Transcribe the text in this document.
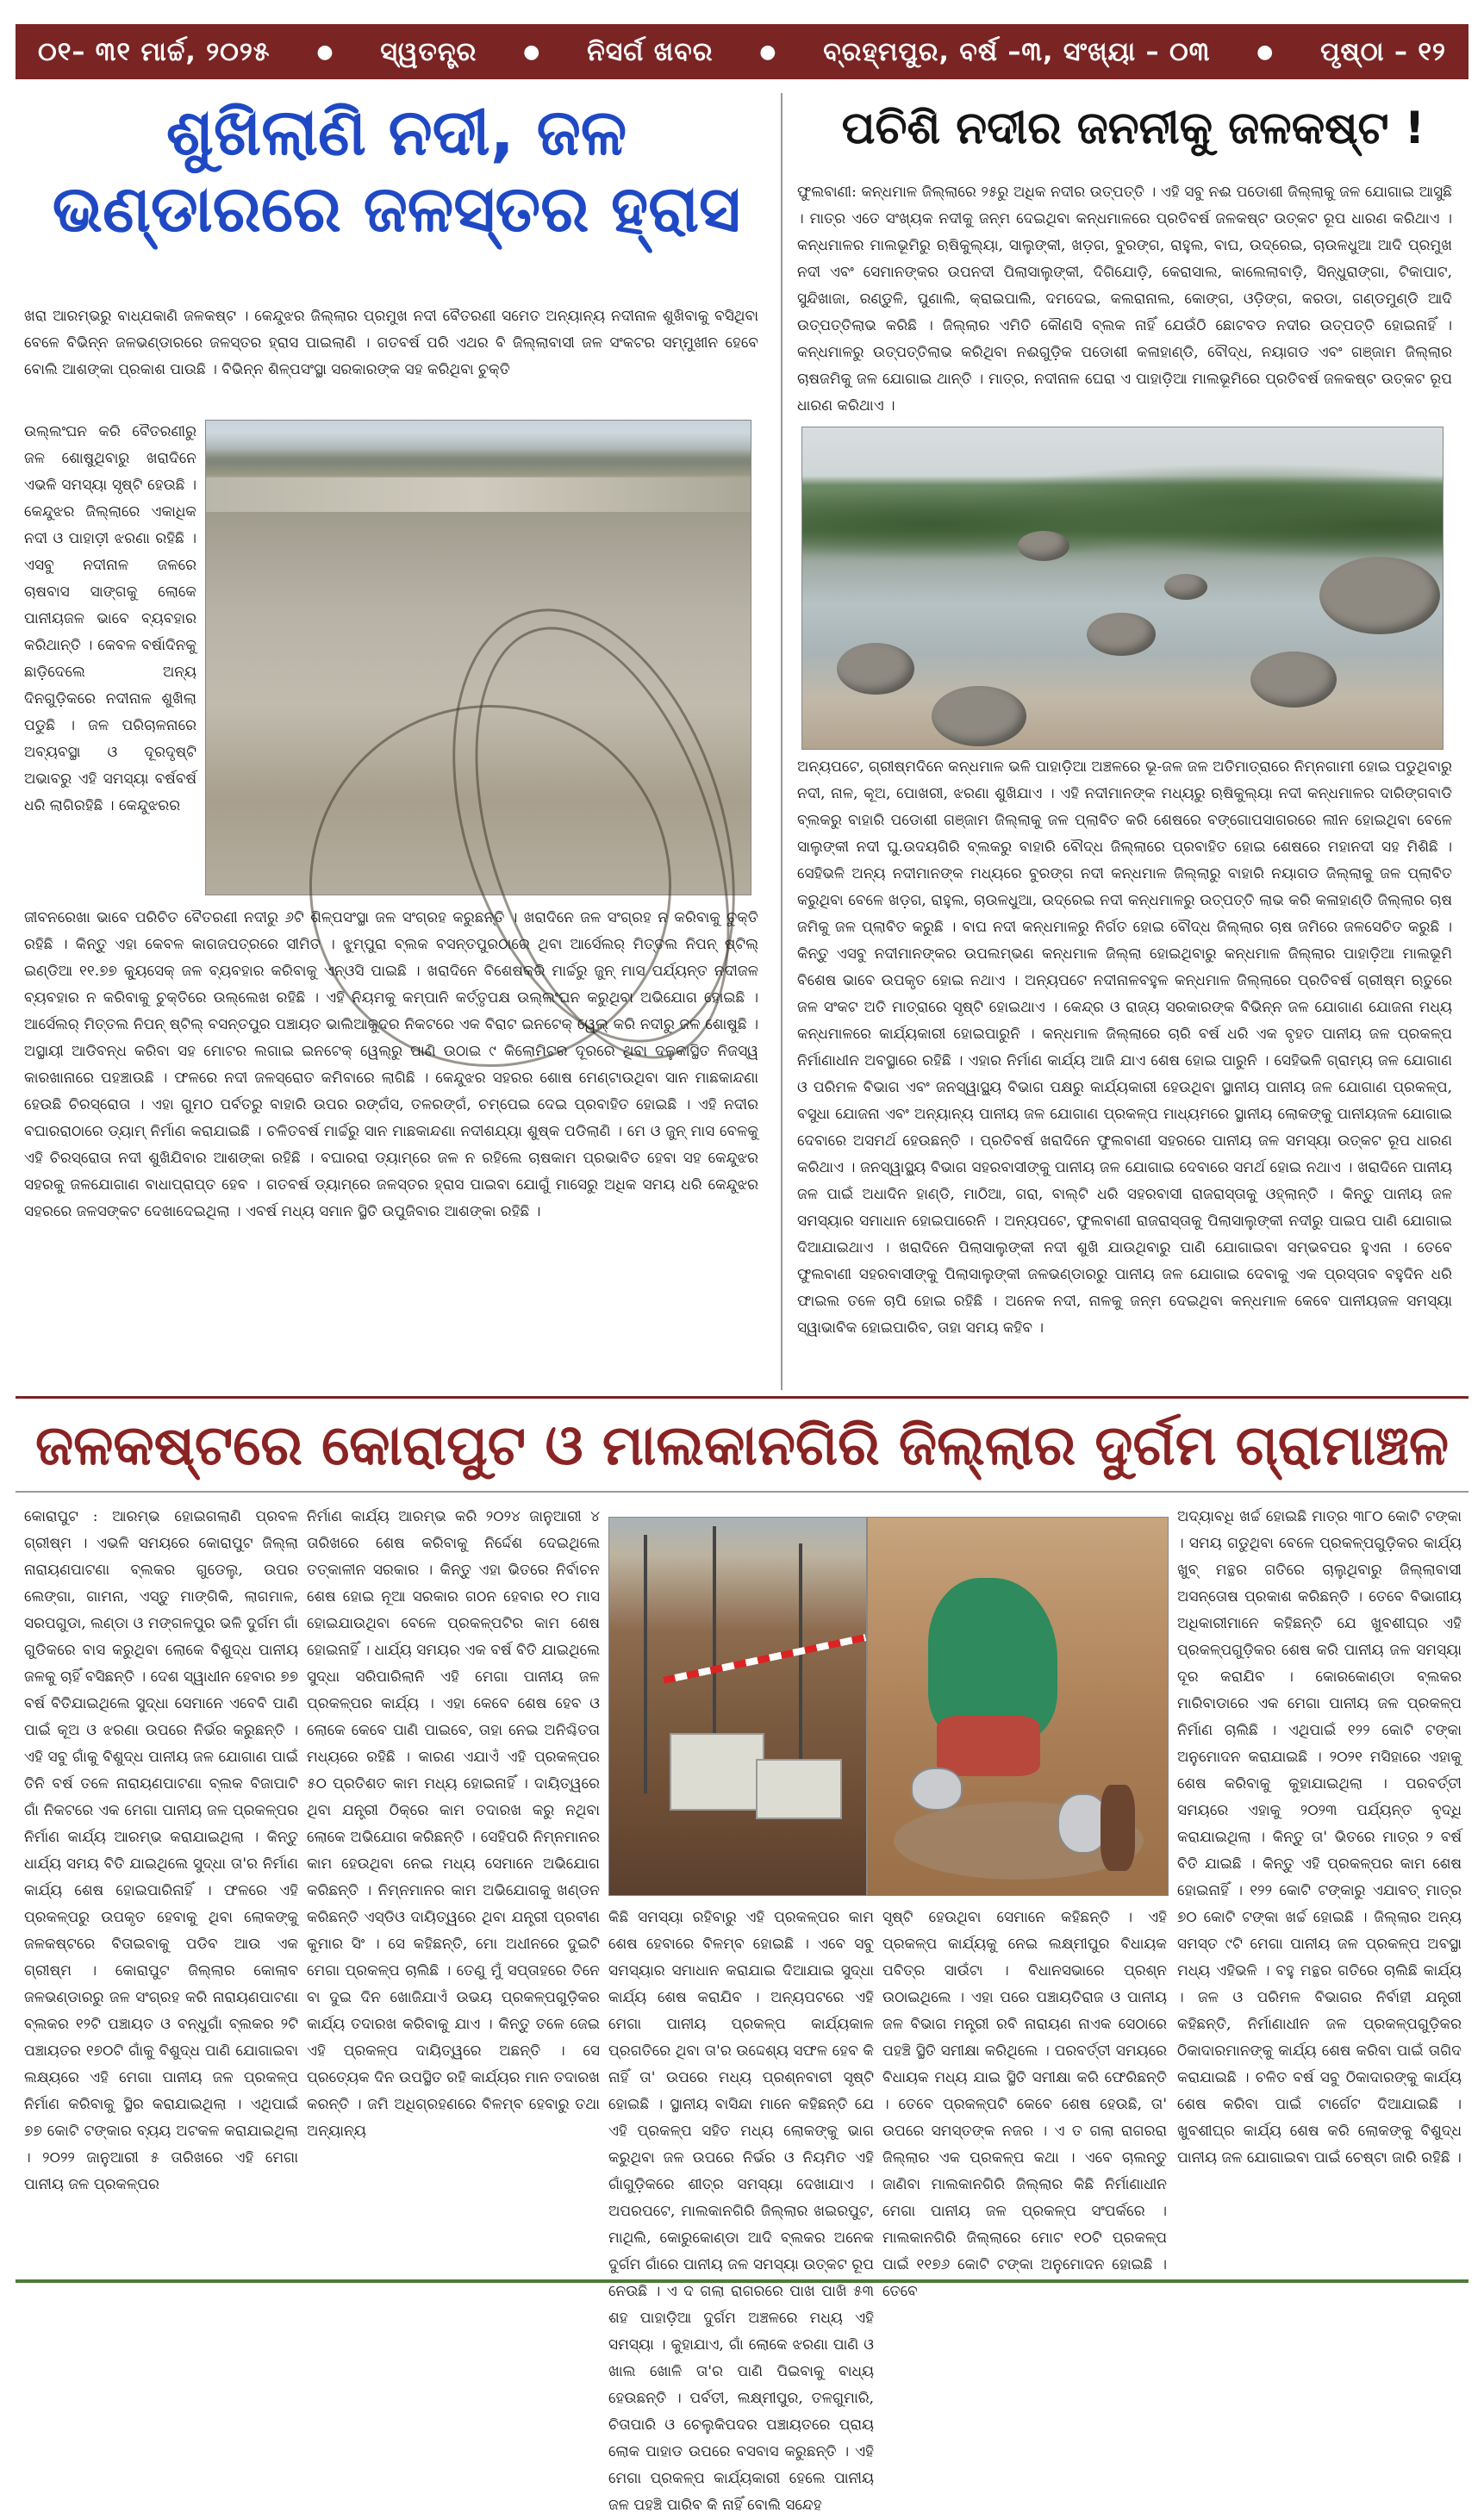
୦୧– ୩୧ ମାର୍ଚ୍ଚ, ୨୦୨୫ ● ସ୍ୱତନ୍ତ୍ର ● ନିସର୍ଗ ଖବର ● ବ୍ରହ୍ମପୁର, ବର୍ଷ –୩, ସଂଖ୍ୟା – ୦୩ ● ପୃଷ୍ଠା – ୧୨
ଶୁଖିଲାଣି ନଦୀ, ଜଳ ଭଣ୍ଡାରରେ ଜଳସ୍ତର ହ୍ରାସ
ଖରା ଆରମ୍ଭରୁ ବାଧ୍ଯକାଣି ଜଳକଷ୍ଟ । କେନ୍ଦୁଝର ଜିଲ୍ଲାର ପ୍ରମୁଖ ନଦୀ ବୈତରଣୀ ସମେତ ଅନ୍ୟାନ୍ୟ ନଦୀନାଳ ଶୁଖିବାକୁ ବସିଥିବା ବେଳେ ବିଭିନ୍ନ ଜଳଭଣ୍ଡାରରେ ଜଳସ୍ତର ହ୍ରାସ ପାଇଲାଣି । ଗତବର୍ଷ ପରି ଏଥର ବି ଜିଲ୍ଲାବାସୀ ଜଳ ସଂକଟର ସମ୍ମୁଖୀନ ହେବେ ବୋଲି ଆଶଙ୍କା ପ୍ରକାଶ ପାଉଛି । ବିଭିନ୍ନ ଶିଳ୍ପସଂସ୍ଥା ସରକାରଙ୍କ ସହ କରିଥିବା ଚୁକ୍ତି
ଉଲ୍ଲଂଘନ କରି ବୈତରଣୀରୁ ଜଳ ଶୋଷୁଥିବାରୁ ଖରାଦିନେ ଏଭଳି ସମସ୍ୟା ସୃଷ୍ଟି ହେଉଛି । କେନ୍ଦୁଝର ଜିଲ୍ଲାରେ ଏକାଧିକ ନଦୀ ଓ ପାହାଡ଼ୀ ଝରଣା ରହିଛି । ଏସବୁ ନଦୀନାଳ ଜଳରେ ଚାଷବାସ ସାଙ୍ଗକୁ ଲୋକେ ପାନୀୟଜଳ ଭାବେ ବ୍ୟବହାର କରିଥାନ୍ତି । କେବଳ ବର୍ଷାଦିନକୁ ଛାଡ଼ିଦେଲେ ଅନ୍ୟ ଦିନଗୁଡ଼ିକରେ ନଦୀନାଳ ଶୁଖିଲା ପଡୁଛି । ଜଳ ପରିଚାଳନାରେ ଅବ୍ୟବସ୍ଥା ଓ ଦୂରଦୃଷ୍ଟି ଅଭାବରୁ ଏହି ସମସ୍ୟା ବର୍ଷବର୍ଷ ଧରି ଲାଗିରହିଛି । କେନ୍ଦୁଝରର
ଜୀବନରେଖା ଭାବେ ପରିଚିତ ବୈତରଣୀ ନଦୀରୁ ୬ଟି ଶିଳ୍ପସଂସ୍ଥା ଜଳ ସଂଗ୍ରହ କରୁଛନ୍ତି । ଖରାଦିନେ ଜଳ ସଂଗ୍ରହ ନ କରିବାକୁ ଚୁକ୍ତି ରହିଛି । କିନ୍ତୁ ଏହା କେବଳ କାଗଜପତ୍ରରେ ସୀମିତ । ଝୁମ୍ପୁରା ବ୍ଲକ ବସନ୍ତପୁରଠାରେ ଥିବା ଆର୍ସେଲର୍ ମିତ୍ତଲ ନିପନ୍ ଷ୍ଟିଲ୍ ଇଣ୍ଡିଆ ୧୧.୭୭ କ୍ୟୁସେକ୍ ଜଳ ବ୍ୟବହାର କରିବାକୁ ଏନ୍ଓସି ପାଇଛି । ଖରାଦିନେ ବିଶେଷକରି ମାର୍ଚ୍ଚରୁ ଜୁନ୍ ମାସ ପର୍ଯ୍ୟନ୍ତ ନଦୀଜଳ ବ୍ୟବହାର ନ କରିବାକୁ ଚୁକ୍ତିରେ ଉଲ୍ଲେଖ ରହିଛି । ଏହି ନିୟମକୁ କମ୍ପାନି କର୍ତ୍ତୃପକ୍ଷ ଉଲ୍ଲଂଘନ କରୁଥିବା ଅଭିଯୋଗ ହୋଇଛି । ଆର୍ସେଲର୍ ମିତ୍ତଲ ନିପନ୍ ଷ୍ଟିଲ୍ ବସନ୍ତପୁର ପଞ୍ଚାୟତ ଭାଲିଆକୁଦର ନିକଟରେ ଏକ ବିରାଟ ଇନଟେକ୍ ୱେଲ୍ କରି ନଦୀରୁ ଜଳ ଶୋଷୁଛି । ଅସ୍ଥାୟୀ ଆଡିବନ୍ଧ କରିବା ସହ ମୋଟର ଲଗାଇ ଇନଟେକ୍ ୱେଲ୍ରୁ ପାଣି ଉଠାଇ ୯ କିଲୋମିଟର ଦୂରରେ ଥିବା ଦଳୁକାସ୍ଥିତ ନିଜସ୍ୱ କାରଖାନାରେ ପହଞ୍ଚାଉଛି । ଫଳରେ ନଦୀ ଜଳସ୍ରୋତ କମିବାରେ ଲାଗିଛି । କେନ୍ଦୁଝର ସହରର ଶୋଷ ମେଣ୍ଟାଉଥିବା ସାନ ମାଛକାନ୍ଦଣା ହେଉଛି ଚିରସ୍ରୋତା । ଏହା ଗୁମଠ ପର୍ବତରୁ ବାହାରି ଉପର ରଙ୍ଗଁସ, ତଳରଙ୍ଗଁ, ଚମ୍ପେଇ ଦେଇ ପ୍ରବାହିତ ହୋଇଛି । ଏହି ନଦୀର ବଘାରରାଠାରେ ଡ୍ୟାମ୍ ନିର୍ମାଣ କରାଯାଇଛି । ଚଳିତବର୍ଷ ମାର୍ଚ୍ଚରୁ ସାନ ମାଛକାନ୍ଦଣା ନଦୀଶଯ୍ୟା ଶୁଷ୍କ ପଡିଲାଣି । ମେ ଓ ଜୁନ୍ ମାସ ବେଳକୁ ଏହି ଚିରସ୍ରୋତା ନଦୀ ଶୁଖିଯିବାର ଆଶଙ୍କା ରହିଛି । ବଘାରରା ଡ୍ୟାମ୍ରେ ଜଳ ନ ରହିଲେ ଚାଷକାମ ପ୍ରଭାବିତ ହେବା ସହ କେନ୍ଦୁଝର ସହରକୁ ଜଳଯୋଗାଣ ବାଧାପ୍ରାପ୍ତ ହେବ । ଗତବର୍ଷ ଡ୍ୟାମ୍ରେ ଜଳସ୍ତର ହ୍ରାସ ପାଇବା ଯୋଗୁଁ ମାସେରୁ ଅଧିକ ସମୟ ଧରି କେନ୍ଦୁଝର ସହରରେ ଜଳସଙ୍କଟ ଦେଖାଦେଇଥିଲା । ଏବର୍ଷ ମଧ୍ୟ ସମାନ ସ୍ଥିତି ଉପୁଜିବାର ଆଶଙ୍କା ରହିଛି ।
ପଚିଶି ନଦୀର ଜନନୀକୁ ଜଳକଷ୍ଟ !
ଫୁଲବାଣୀ: କନ୍ଧମାଳ ଜିଲ୍ଲାରେ ୨୫ରୁ ଅଧିକ ନଦୀର ଉତ୍ପତ୍ତି । ଏହି ସବୁ ନଈ ପଡୋଶୀ ଜିଲ୍ଲାକୁ ଜଳ ଯୋଗାଇ ଆସୁଛି । ମାତ୍ର ଏତେ ସଂଖ୍ୟକ ନଦୀକୁ ଜନ୍ମ ଦେଇଥିବା କନ୍ଧମାଳରେ ପ୍ରତିବର୍ଷ ଜଳକଷ୍ଟ ଉତ୍କଟ ରୂପ ଧାରଣ କରିଥାଏ । କନ୍ଧମାଳର ମାଲଭୂମିରୁ ଋଷିକୁଲ୍ୟା, ସାଲୁଙ୍କୀ, ଖଡ଼ଗ, ବୁରଙ୍ଗ, ରାହୁଲ, ବାଘ, ଉଦ୍ରେଇ, ଚାଉଳଧୁଆ ଆଦି ପ୍ରମୁଖ ନଦୀ ଏବଂ ସେମାନଙ୍କର ଉପନଦୀ ପିଲାସାଲୁଙ୍କୀ, ଦିଗିଯୋଡ଼ି, କେରାସାଲ, କାଲେଲାବାଡ଼ି, ସିନ୍ଧୁରାଙ୍ଗା, ଟିକାପାଟ, ସୁନ୍ଦିଖାଜା, ରଣ୍ଡୁଳି, ପୁଣାଲି, କ୍ରାଇପାଲି, ଦମଦେଇ, କଲରାନାଲ, କୋଙ୍ଗ, ଓଡ଼ିଙ୍ଗ, କରଡା, ଗଣ୍ଡମୁଣ୍ଡି ଆଦି ଉତ୍ପତ୍ତିଲାଭ କରିଛି । ଜିଲ୍ଲାର ଏମିତି କୌଣସି ବ୍ଲକ ନାହିଁ ଯେଉଁଠି ଛୋଟବଡ ନଦୀର ଉତ୍ପତ୍ତି ହୋଇନାହିଁ । କନ୍ଧମାଳରୁ ଉତ୍ପତ୍ତିଲାଭ କରିଥିବା ନଈଗୁଡ଼ିକ ପଡୋଶୀ କଳାହାଣ୍ଡି, ବୌଦ୍ଧ, ନୟାଗଡ ଏବଂ ଗଞ୍ଜାମ ଜିଲ୍ଲାର ଚାଷଜମିକୁ ଜଳ ଯୋଗାଇ ଥାନ୍ତି । ମାତ୍ର, ନଦୀନାଳ ଘେରା ଏ ପାହାଡ଼ିଆ ମାଲଭୂମିରେ ପ୍ରତିବର୍ଷ ଜଳକଷ୍ଟ ଉତ୍କଟ ରୂପ ଧାରଣ କରିଥାଏ ।
ଅନ୍ୟପଟେ, ଗ୍ରୀଷ୍ମଦିନେ କନ୍ଧମାଳ ଭଳି ପାହାଡ଼ିଆ ଅଞ୍ଚଳରେ ଭୂ-ଜଳ ଜଳ ଅତିମାତ୍ରାରେ ନିମ୍ନଗାମୀ ହୋଇ ପଡୁଥିବାରୁ ନଦୀ, ନାଳ, କୂଅ, ପୋଖରୀ, ଝରଣା ଶୁଖିଯାଏ । ଏହି ନଦୀମାନଙ୍କ ମଧ୍ୟରୁ ଋଷିକୁଲ୍ୟା ନଦୀ କନ୍ଧମାଳର ଦାରିଙ୍ଗବାଡି ବ୍ଲକରୁ ବାହାରି ପଡୋଶୀ ଗଞ୍ଜାମ ଜିଲ୍ଲାକୁ ଜଳ ପ୍ଲାବିତ କରି ଶେଷରେ ବଙ୍ଗୋପସାଗରରେ ଲୀନ ହୋଇଥିବା ବେଳେ ସାଲୁଙ୍କୀ ନଦୀ ଘୁ.ଉଦୟଗିରି ବ୍ଲକରୁ ବାହାରି ବୌଦ୍ଧ ଜିଲ୍ଲାରେ ପ୍ରବାହିତ ହୋଇ ଶେଷରେ ମହାନଦୀ ସହ ମିଶିଛି । ସେହିଭଳି ଅନ୍ୟ ନଦୀମାନଙ୍କ ମଧ୍ୟରେ ବୁରଙ୍ଗ ନଦୀ କନ୍ଧମାଳ ଜିଲ୍ଲାରୁ ବାହାରି ନୟାଗଡ ଜିଲ୍ଲାକୁ ଜଳ ପ୍ଲାବିତ କରୁଥିବା ବେଳେ ଖଡ଼ଗ, ରାହୁଲ, ଚାଉଳଧୁଆ, ଉଦ୍ରେଇ ନଦୀ କନ୍ଧମାଳରୁ ଉତ୍ପତ୍ତି ଲାଭ କରି କଳାହାଣ୍ଡି ଜିଲ୍ଲାର ଚାଷ ଜମିକୁ ଜଳ ପ୍ଲାବିତ କରୁଛି । ବାଘ ନଦୀ କନ୍ଧମାଳରୁ ନିର୍ଗତ ହୋଇ ବୌଦ୍ଧ ଜିଲ୍ଲାର ଚାଷ ଜମିରେ ଜଳସେଚିତ କରୁଛି । କିନ୍ତୁ ଏସବୁ ନଦୀମାନଙ୍କର ଉପଲମ୍ଭଣ କନ୍ଧମାଳ ଜିଲ୍ଲା ହୋଇଥିବାରୁ କନ୍ଧମାଳ ଜିଲ୍ଲାର ପାହାଡ଼ିଆ ମାଲଭୂମି ବିଶେଷ ଭାବେ ଉପକୃତ ହୋଇ ନଥାଏ । ଅନ୍ୟପଟେ ନଦୀନାଳବହୁଳ କନ୍ଧମାଳ ଜିଲ୍ଲାରେ ପ୍ରତିବର୍ଷ ଗ୍ରୀଷ୍ମ ଋତୁରେ ଜଳ ସଂକଟ ଅତି ମାତ୍ରାରେ ସୃଷ୍ଟି ହୋଇଥାଏ । କେନ୍ଦ୍ର ଓ ରାଜ୍ୟ ସରକାରଙ୍କ ବିଭିନ୍ନ ଜଳ ଯୋଗାଣ ଯୋଜନା ମଧ୍ୟ କନ୍ଧମାଳରେ କାର୍ଯ୍ୟକାରୀ ହୋଇପାରୁନି । କନ୍ଧମାଳ ଜିଲ୍ଲାରେ ଚାରି ବର୍ଷ ଧରି ଏକ ବୃହତ ପାନୀୟ ଜଳ ପ୍ରକଳ୍ପ ନିର୍ମାଣାଧୀନ ଅବସ୍ଥାରେ ରହିଛି । ଏହାର ନିର୍ମାଣ କାର୍ଯ୍ୟ ଆଜି ଯାଏ ଶେଷ ହୋଇ ପାରୁନି । ସେହିଭଳି ଗ୍ରାମ୍ୟ ଜଳ ଯୋଗାଣ ଓ ପରିମଳ ବିଭାଗ ଏବଂ ଜନସ୍ୱାସ୍ଥ୍ୟ ବିଭାଗ ପକ୍ଷରୁ କାର୍ଯ୍ୟକାରୀ ହେଉଥିବା ସ୍ଥାନୀୟ ପାନୀୟ ଜଳ ଯୋଗାଣ ପ୍ରକଳ୍ପ, ବସୁଧା ଯୋଜନା ଏବଂ ଅନ୍ୟାନ୍ୟ ପାନୀୟ ଜଳ ଯୋଗାଣ ପ୍ରକଳ୍ପ ମାଧ୍ୟମରେ ସ୍ଥାନୀୟ ଲୋକଙ୍କୁ ପାନୀୟଜଳ ଯୋଗାଇ ଦେବାରେ ଅସମର୍ଥ ହେଉଛନ୍ତି । ପ୍ରତିବର୍ଷ ଖରାଦିନେ ଫୁଲବାଣୀ ସହରରେ ପାନୀୟ ଜଳ ସମସ୍ୟା ଉତ୍କଟ ରୂପ ଧାରଣ କରିଥାଏ । ଜନସ୍ୱାସ୍ଥ୍ୟ ବିଭାଗ ସହରବାସୀଙ୍କୁ ପାନୀୟ ଜଳ ଯୋଗାଇ ଦେବାରେ ସମର୍ଥ ହୋଇ ନଥାଏ । ଖରାଦିନେ ପାନୀୟ ଜଳ ପାଇଁ ଅଧାଦିନ ହାଣ୍ଡି, ମାଠିଆ, ଗରା, ବାଲ୍ଟି ଧରି ସହରବାସୀ ରାଜରାସ୍ତାକୁ ଓହ୍ଲାନ୍ତି । କିନ୍ତୁ ପାନୀୟ ଜଳ ସମସ୍ୟାର ସମାଧାନ ହୋଇପାରେନି । ଅନ୍ୟପଟେ, ଫୁଲବାଣୀ ରାଜରାସ୍ତାକୁ ପିଲାସାଲୁଙ୍କୀ ନଦୀରୁ ପାଇପ ପାଣି ଯୋଗାଇ ଦିଆଯାଇଥାଏ । ଖରାଦିନେ ପିଲାସାଲୁଙ୍କୀ ନଦୀ ଶୁଖି ଯାଉଥିବାରୁ ପାଣି ଯୋଗାଇବା ସମ୍ଭବପର ହୁଏନା । ତେବେ ଫୁଲବାଣୀ ସହରବାସୀଙ୍କୁ ପିଲାସାଲୁଙ୍କୀ ଜଳଭଣ୍ଡାରରୁ ପାନୀୟ ଜଳ ଯୋଗାଇ ଦେବାକୁ ଏକ ପ୍ରସ୍ତାବ ବହୁଦିନ ଧରି ଫାଇଲ ତଳେ ଚାପି ହୋଇ ରହିଛି । ଅନେକ ନଦୀ, ନାଳକୁ ଜନ୍ମ ଦେଇଥିବା କନ୍ଧମାଳ କେବେ ପାନୀୟଜଳ ସମସ୍ୟା ସ୍ୱାଭାବିକ ହୋଇପାରିବ, ତାହା ସମୟ କହିବ ।
ଜଳକଷ୍ଟରେ କୋରାପୁଟ ଓ ମାଲକାନଗିରି ଜିଲ୍ଲାର ଦୁର୍ଗମ ଗ୍ରାମାଞ୍ଚଳ
କୋରାପୁଟ : ଆରମ୍ଭ ହୋଇଗଲାଣି ପ୍ରବଳ ଗ୍ରୀଷ୍ମ । ଏଭଳି ସମୟରେ କୋରାପୁଟ ଜିଲ୍ଲା ନାରାୟଣପାଟଣା ବ୍ଲକର ଗୁଡେଲୁ, ଉପର ଲେଙ୍ଗା, ଗାମନା, ଏସ୍ତୁ ମାଙ୍ଗିକି, ଲାଗମାଳ, ସରପଗୁଡା, ଲଣ୍ଡା ଓ ମଙ୍ଗଳପୁର ଭଳି ଦୁର୍ଗମ ଗାଁ ଗୁଡିକରେ ବାସ କରୁଥିବା ଲୋକେ ବିଶୁଦ୍ଧ ପାନୀୟ ଜଳକୁ ଚାହିଁ ବସିଛନ୍ତି । ଦେଶ ସ୍ୱାଧୀନ ହେବାର ୭୭ ବର୍ଷ ବିତିଯାଇଥିଲେ ସୁଦ୍ଧା ସେମାନେ ଏବେବି ପାଣି ପାଇଁ କୂଅ ଓ ଝରଣା ଉପରେ ନିର୍ଭର କରୁଛନ୍ତି । ଏହି ସବୁ ଗାଁକୁ ବିଶୁଦ୍ଧ ପାନୀୟ ଜଳ ଯୋଗାଣ ପାଇଁ ତିନି ବର୍ଷ ତଳେ ନାରାୟଣପାଟଣା ବ୍ଲକ ବିଜାପାଟି ଗାଁ ନିକଟରେ ଏକ ମେଗା ପାନୀୟ ଜଳ ପ୍ରକଳ୍ପର ନିର୍ମାଣ କାର୍ଯ୍ୟ ଆରମ୍ଭ କରାଯାଇଥିଲା । କିନ୍ତୁ ଧାର୍ଯ୍ୟ ସମୟ ବିତି ଯାଇଥିଲେ ସୁଦ୍ଧା ତା'ର ନିର୍ମାଣ କାର୍ଯ୍ୟ ଶେଷ ହୋଇପାରିନାହିଁ । ଫଳରେ ଏହି ପ୍ରକଳ୍ପରୁ ଉପକୃତ ହେବାକୁ ଥିବା ଲୋକଙ୍କୁ ଜଳକଷ୍ଟରେ ବିତାଇବାକୁ ପଡିବ ଆଉ ଏକ ଗ୍ରୀଷ୍ମ । କୋରାପୁଟ ଜିଲ୍ଲାର କୋଲାବ ଜଳଭଣ୍ଡାରରୁ ଜଳ ସଂଗ୍ରହ କରି ନାରାୟଣପାଟଣା ବ୍ଲକର ୧୨ଟି ପଞ୍ଚାୟତ ଓ ବନ୍ଧୁଗାଁ ବ୍ଲକର ୨ଟି ପଞ୍ଚାୟତର ୧୭୦ଟି ଗାଁକୁ ବିଶୁଦ୍ଧ ପାଣି ଯୋଗାଇବା ଲକ୍ଷ୍ୟରେ ଏହି ମେଗା ପାନୀୟ ଜଳ ପ୍ରକଳ୍ପ ନିର୍ମାଣ କରିବାକୁ ସ୍ଥିର କରାଯାଇଥିଲା । ଏଥିପାଇଁ ୭୭ କୋଟି ଟଙ୍କାର ବ୍ୟୟ ଅଟକଳ କରାଯାଇଥିଲା । ୨୦୨୨ ଜାନୁଆରୀ ୫ ତାରିଖରେ ଏହି ମେଗା ପାନୀୟ ଜଳ ପ୍ରକଳ୍ପର
ନିର୍ମାଣ କାର୍ଯ୍ୟ ଆରମ୍ଭ କରି ୨୦୨୪ ଜାନୁଆରୀ ୪ ତାରିଖରେ ଶେଷ କରିବାକୁ ନିର୍ଦ୍ଦେଶ ଦେଇଥିଲେ ତତ୍କାଳୀନ ସରକାର । କିନ୍ତୁ ଏହା ଭିତରେ ନିର୍ବାଚନ ଶେଷ ହୋଇ ନୂଆ ସରକାର ଗଠନ ହେବାର ୧୦ ମାସ ହୋଇଯାଉଥିବା ବେଳେ ପ୍ରକଳ୍ପଟିର କାମ ଶେଷ ହୋଇନାହିଁ । ଧାର୍ଯ୍ୟ ସମୟର ଏକ ବର୍ଷ ବିତି ଯାଇଥିଲେ ସୁଦ୍ଧା ସରିପାରିଲାନି ଏହି ମେଗା ପାନୀୟ ଜଳ ପ୍ରକଳ୍ପର କାର୍ଯ୍ୟ । ଏହା କେବେ ଶେଷ ହେବ ଓ ଲୋକେ କେବେ ପାଣି ପାଇବେ, ତାହା ନେଇ ଅନିଶ୍ଚିତତା ମଧ୍ୟରେ ରହିଛି । କାରଣ ଏଯାଏଁ ଏହି ପ୍ରକଳ୍ପର ୫୦ ପ୍ରତିଶତ କାମ ମଧ୍ୟ ହୋଇନାହିଁ । ଦାୟିତ୍ୱରେ ଥିବା ଯନ୍ତ୍ରୀ ଠିକ୍ରେ କାମ ତଦାରଖ କରୁ ନଥିବା ଲୋକେ ଅଭିଯୋଗ କରିଛନ୍ତି । ସେହିପରି ନିମ୍ନମାନର କାମ ହେଉଥିବା ନେଇ ମଧ୍ୟ ସେମାନେ ଅଭିଯୋଗ କରିଛନ୍ତି । ନିମ୍ନମାନର କାମ ଅଭିଯୋଗକୁ ଖଣ୍ଡନ କରିଛନ୍ତି ଏସ୍ଡିଓ ଦାୟିତ୍ୱରେ ଥିବା ଯନ୍ତ୍ରୀ ପ୍ରବୀଣ କୁମାର ସିଂ । ସେ କହିଛନ୍ତି, ମୋ ଅଧୀନରେ ଦୁଇଟି ମେଗା ପ୍ରକଳ୍ପ ଚାଲିଛି । ତେଣୁ ମୁଁ ସପ୍ତାହରେ ତିନେ ବା ଦୁଇ ଦିନ ଖୋଜିଯାଏଁ ଉଭୟ ପ୍ରକଳ୍ପଗୁଡ଼ିକର କାର୍ଯ୍ୟ ତଦାରଖ କରିବାକୁ ଯାଏ । କିନ୍ତୁ ତଳେ ଜେଇ ଏହି ପ୍ରକଳ୍ପ ଦାୟିତ୍ୱରେ ଅଛନ୍ତି । ସେ ପ୍ରତ୍ୟେକ ଦିନ ଉପସ୍ଥିତ ରହି କାର୍ଯ୍ୟର ମାନ ତଦାରଖ କରନ୍ତି । ଜମି ଅଧିଗ୍ରହଣରେ ବିଳମ୍ବ ହେବାରୁ ତଥା ଅନ୍ୟାନ୍ୟ
କିଛି ସମସ୍ୟା ରହିବାରୁ ଏହି ପ୍ରକଳ୍ପର କାମ ଶେଷ ହେବାରେ ବିଳମ୍ବ ହୋଇଛି । ଏବେ ସବୁ ସମସ୍ୟାର ସମାଧାନ କରାଯାଇ ଦିଆଯାଇ ସୁଦ୍ଧା କାର୍ଯ୍ୟ ଶେଷ କରାଯିବ । ଅନ୍ୟପଟରେ ଏହି ମେଗା ପାନୀୟ ପ୍ରକଳ୍ପ କାର୍ଯ୍ୟକାଳ ପ୍ରଗତିରେ ଥିବା ତା'ର ଉଦ୍ଦେଶ୍ୟ ସଫଳ ହେବ କି ନାହିଁ ତା' ଉପରେ ମଧ୍ୟ ପ୍ରଶ୍ନବାଚୀ ସୃଷ୍ଟି ହୋଇଛି । ସ୍ଥାନୀୟ ବାସିନ୍ଦା ମାନେ କହିଛନ୍ତି ଯେ ଏହି ପ୍ରକଳ୍ପ ସହିତ ମଧ୍ୟ ଲୋକଙ୍କୁ ଭାଗ କରୁଥିବା ଜଳ ଉପରେ ନିର୍ଭର ଓ ନିୟମିତ ଏହି ଗାଁଗୁଡ଼ିକରେ ଶୀତ୍ର ସମସ୍ୟା ଦେଖାଯାଏ । ଅପରପଟେ, ମାଲକାନଗିରି ଜିଲ୍ଲାର ଖଇରପୁଟ, ମାଥିଲି, କୋରୁକୋଣ୍ଡା ଆଦି ବ୍ଲକର ଅନେକ ଦୁର୍ଗମ ଗାଁରେ ପାନୀୟ ଜଳ ସମସ୍ୟା ଉତ୍କଟ ରୂପ ନେଉଛି । ଏ ଦ ଗଲା ରାଗରରେ ପାଖ ପାଖି ୫୩ ଶହ ପାହାଡ଼ିଆ ଦୁର୍ଗମ ଅଞ୍ଚଳରେ ମଧ୍ୟ ଏହି ସମସ୍ୟା । କୁହାଯାଏ, ଗାଁ ଲୋକେ ଝରଣା ପାଣି ଓ ଖାଲ ଖୋଳି ତା'ର ପାଣି ପିଇବାକୁ ବାଧ୍ୟ ହେଉଛନ୍ତି । ପର୍ବତୀ, ଲକ୍ଷ୍ମୀପୁର, ତଳଗୁମାରି, ଚିତାପାରି ଓ ଚେଲୁକିପଦର ପଞ୍ଚାୟତରେ ପ୍ରାୟ ଲୋକ ପାହାଡ ଉପରେ ବସବାସ କରୁଛନ୍ତି । ଏହି ମେଗା ପ୍ରକଳ୍ପ କାର୍ଯ୍ୟକାରୀ ହେଲେ ପାନୀୟ ଜଳ ପହଞ୍ଚି ପାରିବ କି ନାହିଁ ବୋଲି ସନ୍ଦେହ
ସୃଷ୍ଟି ହେଉଥିବା ସେମାନେ କହିଛନ୍ତି । ଏହି ପ୍ରକଳ୍ପ କାର୍ଯ୍ୟକୁ ନେଇ ଲକ୍ଷ୍ମୀପୁର ବିଧାୟକ ପବିତ୍ର ସାଉଁଟା । ବିଧାନସଭାରେ ପ୍ରଶ୍ନ ଉଠାଇଥିଲେ । ଏହା ପରେ ପଞ୍ଚାୟତିରାଜ ଓ ପାନୀୟ ଜଳ ବିଭାଗ ମନ୍ତ୍ରୀ ରବି ନାରାୟଣ ନାଏକ ସେଠାରେ ପହଞ୍ଚି ସ୍ଥିତି ସମୀକ୍ଷା କରିଥିଲେ । ପରବର୍ତ୍ତୀ ସମୟରେ ବିଧାୟକ ମଧ୍ୟ ଯାଇ ସ୍ଥିତି ସମୀକ୍ଷା କରି ଫେରିଛନ୍ତି । ତେବେ ପ୍ରକଳ୍ପଟି କେବେ ଶେଷ ହେଉଛି, ତା' ଉପରେ ସମସ୍ତଙ୍କ ନଜର । ଏ ତ ଗଲା ରାଗରରା ଜିଲ୍ଲାର ଏକ ପ୍ରକଳ୍ପ କଥା । ଏବେ ଚାଲନ୍ତୁ ଜାଣିବା ମାଲକାନଗିରି ଜିଲ୍ଲାର କିଛି ନିର୍ମାଣାଧୀନ ମେଗା ପାନୀୟ ଜଳ ପ୍ରକଳ୍ପ ସଂପର୍କରେ । ମାଲକାନଗିରି ଜିଲ୍ଲାରେ ମୋଟ ୧୦ଟି ପ୍ରକଳ୍ପ ପାଇଁ ୧୧୭୬ କୋଟି ଟଙ୍କା ଅନୁମୋଦନ ହୋଇଛି । ତେବେ
ଅଦ୍ୟାବଧି ଖର୍ଚ୍ଚ ହୋଇଛି ମାତ୍ର ୩୮୦ କୋଟି ଟଙ୍କା । ସମୟ ଗଡୁଥିବା ବେଳେ ପ୍ରକଳ୍ପଗୁଡ଼ିକର କାର୍ଯ୍ୟ ଖୁବ୍ ମନ୍ଥର ଗତିରେ ଚାଲୁଥିବାରୁ ଜିଲ୍ଲାବାସୀ ଅସନ୍ତୋଷ ପ୍ରକାଶ କରିଛନ୍ତି । ତେବେ ବିଭାଗୀୟ ଅଧିକାରୀମାନେ କହିଛନ୍ତି ଯେ ଖୁବଶୀଘ୍ର ଏହି ପ୍ରକଳ୍ପଗୁଡ଼ିକର ଶେଷ କରି ପାନୀୟ ଜଳ ସମସ୍ୟା ଦୂର କରାଯିବ । କୋରକୋଣ୍ଡା ବ୍ଲକର ମାରିବାଡାରେ ଏକ ମେଗା ପାନୀୟ ଜଳ ପ୍ରକଳ୍ପ ନିର୍ମାଣ ଚାଲିଛି । ଏଥିପାଇଁ ୧୨୨ କୋଟି ଟଙ୍କା ଅନୁମୋଦନ କରାଯାଇଛି । ୨୦୨୧ ମସିହାରେ ଏହାକୁ ଶେଷ କରିବାକୁ କୁହାଯାଇଥିଲା । ପରବର୍ତ୍ତୀ ସମୟରେ ଏହାକୁ ୨୦୨୩ ପର୍ଯ୍ୟନ୍ତ ବୃଦ୍ଧି କରାଯାଇଥିଲା । କିନ୍ତୁ ତା' ଭିତରେ ମାତ୍ର ୨ ବର୍ଷ ବିତି ଯାଇଛି । କିନ୍ତୁ ଏହି ପ୍ରକଳ୍ପର କାମ ଶେଷ ହୋଇନାହିଁ । ୧୨୨ କୋଟି ଟଙ୍କାରୁ ଏଯାବତ୍ ମାତ୍ର ୭୦ କୋଟି ଟଙ୍କା ଖର୍ଚ୍ଚ ହୋଇଛି । ଜିଲ୍ଲାର ଅନ୍ୟ ସମସ୍ତ ୯ଟି ମେଗା ପାନୀୟ ଜଳ ପ୍ରକଳ୍ପ ଅବସ୍ଥା ମଧ୍ୟ ଏହିଭଳି । ବହୁ ମନ୍ଥର ଗତିରେ ଚାଲିଛି କାର୍ଯ୍ୟ । ଜଳ ଓ ପରିମଳ ବିଭାଗର ନିର୍ବାହୀ ଯନ୍ତ୍ରୀ କହିଛନ୍ତି, ନିର୍ମାଣାଧୀନ ଜଳ ପ୍ରକଳ୍ପଗୁଡ଼ିକର ଠିକାଦାରମାନଙ୍କୁ କାର୍ଯ୍ୟ ଶେଷ କରିବା ପାଇଁ ତାଗିଦ କରାଯାଇଛି । ଚଳିତ ବର୍ଷ ସବୁ ଠିକାଦାରଙ୍କୁ କାର୍ଯ୍ୟ ଶେଷ କରିବା ପାଇଁ ଟାର୍ଗେଟ ଦିଆଯାଇଛି । ଖୁବଶୀଘ୍ର କାର୍ଯ୍ୟ ଶେଷ କରି ଲୋକଙ୍କୁ ବିଶୁଦ୍ଧ ପାନୀୟ ଜଳ ଯୋଗାଇବା ପାଇଁ ଚେଷ୍ଟା ଜାରି ରହିଛି ।
